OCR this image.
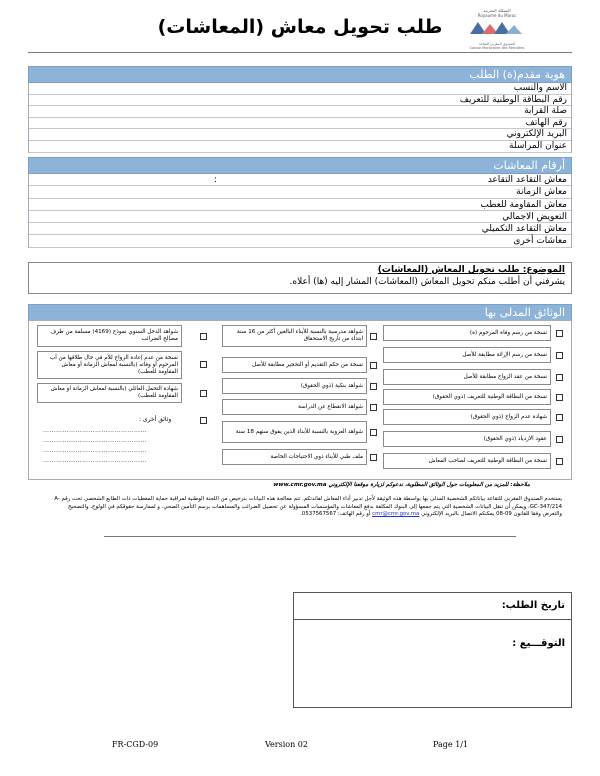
المملكة المغربية
Royaume du Maroc
الصندوق المغربي للتقاعد
Caisse Marocaine des Retraites
طلب تحويل معاش (المعاشات)
هوية مقدم(ة) الطلب
الاسم والنسب
رقم البطاقة الوطنية للتعريف
صلة القرابة
رقم الهاتف
البريد الإلكتروني
عنوان المراسلة
أرقام المعاشات
معاش التقاعد التقاعد
:
معاش الزمانة
معاش المقاومة للعطب
التعويض الاجمالي
معاش التقاعد التكميلي
معاشات أخرى
الموضوع: طلب تحويل المعاش (المعاشات)
يشرفني أن أطلب منكم تحويل المعاش (المعاشات) المشار إليه (ها) أعلاه.
الوثائق المدلى بها
نسخة من رسم وفاة المرحوم (ة)
نسخة من رسم الإراثة مطابقة للأصل
نسخة من عقد الزواج مطابقة للأصل
نسخة من البطاقة الوطنية للتعريف (ذوي الحقوق)
شهادة عدم الزواج (ذوي الحقوق)
عقود الازدياد (ذوي الحقوق)
نسخة من البطاقة الوطنية للتعريف لصاحب المعاش
شواهد مدرسية بالنسبة للأبناء البالغين أكثر من 16 سنة ابتداء من تاريخ الاستحقاق
نسخة من حكم التقديم أو التحجير مطابقة للأصل
شواهد بنكية (ذوي الحقوق)
شواهد الانقطاع عن الدراسة
شواهد العزوبة بالنسبة للأبناء الذين يفوق سنهم 18 سنة
ملف طبي للأبناء ذوي الاحتياجات الخاصة
شواهد الدخل السنوي نموذج (4169) مسلمة من طرف مصالح الضرائب
نسخة من عدم إعادة الزواج للأم في حال طلاقها من أب المرحوم أو وفاته (بالنسبة لمعاش الزمانة أو معاش المقاومة للعطب)
شهادة التحمل العائلي (بالنسبة لمعاش الزمانة او معاش المقاومة للعطب)
وثائق أخرى :
…………………………………………
…………………………………………
…………………………………………
…………………………………………
ملاحظة: للمزيد من المعلومات حول الوثائق المطلوبة، ندعوكم لزيارة موقعنا الإلكتروني www.cmr.gov.ma
يستخدم الصندوق المغربي للتقاعد بياناتكم الشخصية المدلى بها بواسطة هذه الوثيقة لأجل تدبير أداء المعاش لفائدتكم. تتم معالجة هذه البيانات بترخيص من اللجنة الوطنية لمراقبة حماية المعطيات ذات الطابع الشخصي تحت رقم A-GC-347/214، ويمكن أن تنقل البيانات الشخصية التي يتم جمعها إلى البنوك المكلفة بدفع المعاشات والمؤسسات المسؤولة عن تحصيل الضرائب والمساهمات برسم التأمين الصحي. و لممارسة حقوقكم في الولوج، والتصحيح والتعرض وفقا للقانون 09-08 يمكنكم الاتصال بالبريد الإلكتروني cmr@cmr.gov.ma أو رقم الهاتف: 0537567567.
تاريخ الطلب:
التوقـــيع :
FR-CGD-09	Version 02	Page 1/1
